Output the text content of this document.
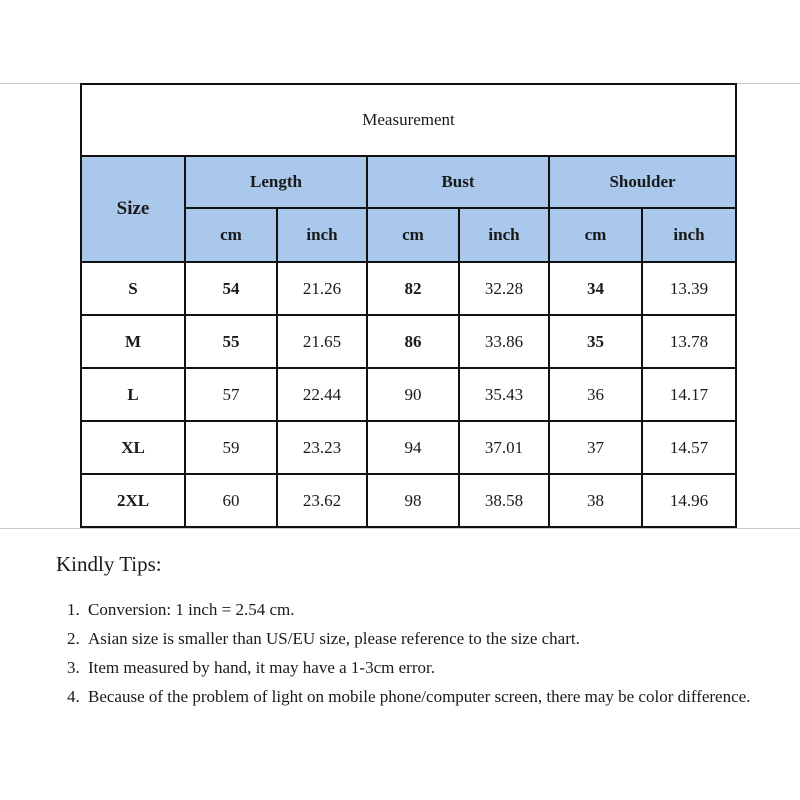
Measurement						
Size	Length		Bust		Shoulder	
	cm	inch	cm	inch	cm	inch
S	54	21.26	82	32.28	34	13.39
M	55	21.65	86	33.86	35	13.78
L	57	22.44	90	35.43	36	14.17
XL	59	23.23	94	37.01	37	14.57
2XL	60	23.62	98	38.58	38	14.96
Kindly Tips:
1. Conversion: 1 inch = 2.54 cm.
2. Asian size is smaller than US/EU size, please reference to the size chart.
3. Item measured by hand, it may have a 1-3cm error.
4. Because of the problem of light on mobile phone/computer screen, there may be color difference.
